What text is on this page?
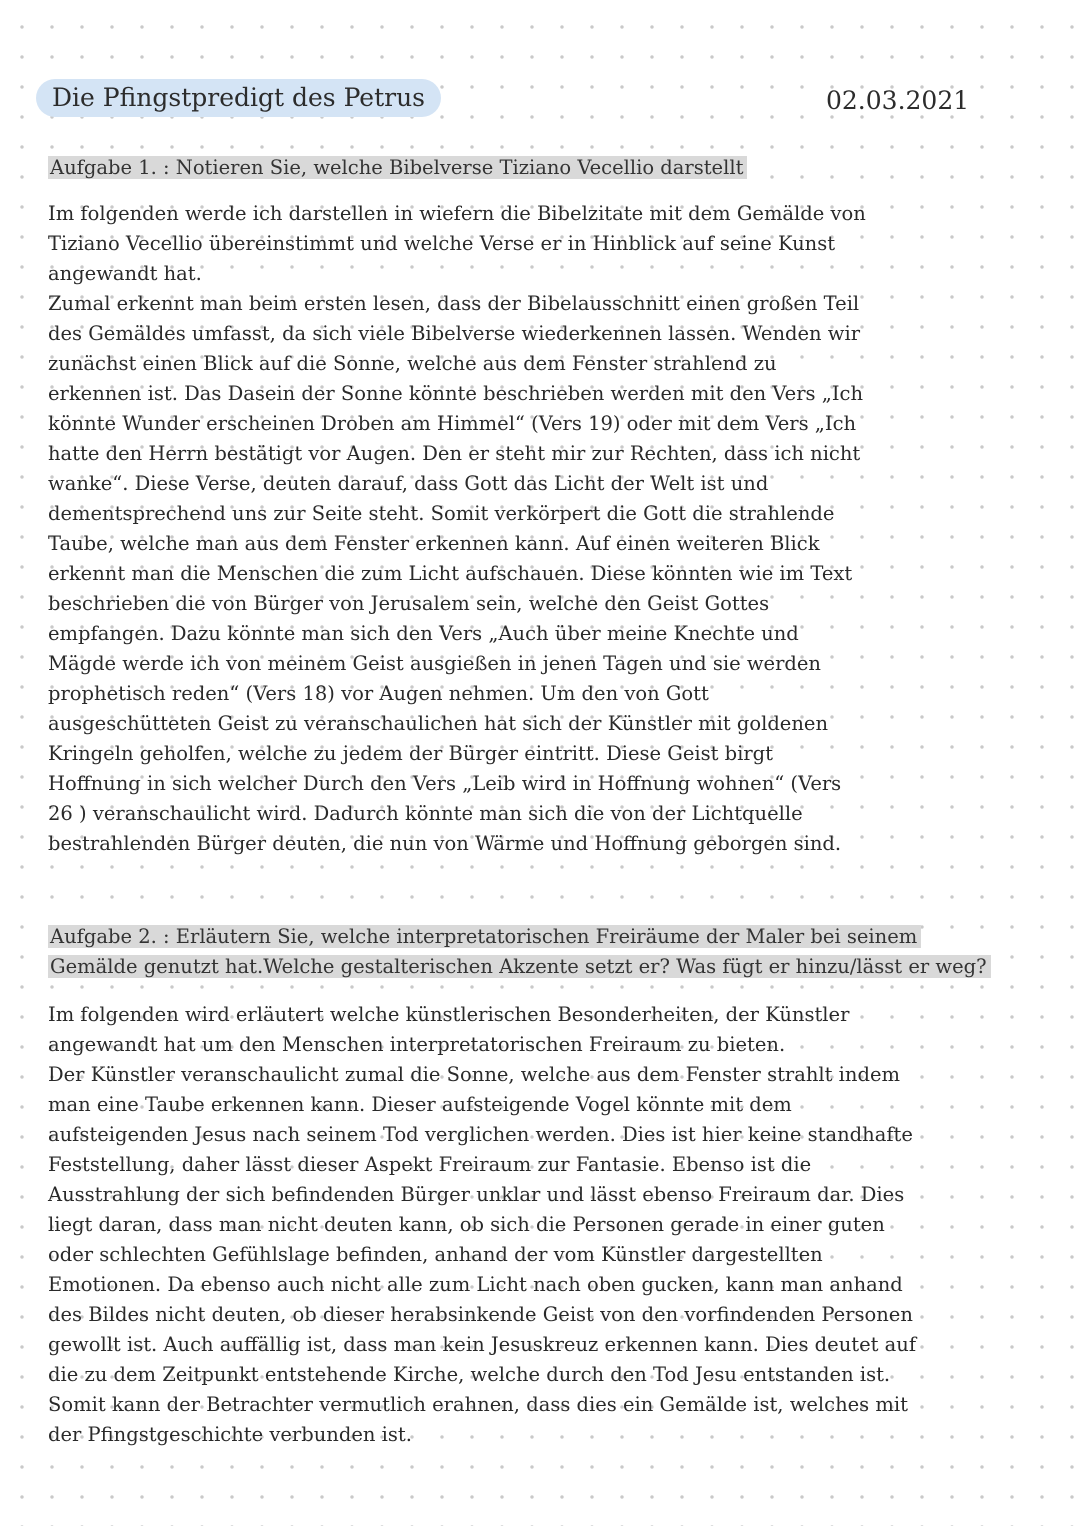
Die Pfingstpredigt des Petrus	02.03.2021
Aufgabe 1. : Notieren Sie, welche Bibelverse Tiziano Vecellio darstellt
Im folgenden werde ich darstellen in wiefern die Bibelzitate mit dem Gemälde von
Tiziano Vecellio übereinstimmt und welche Verse er in Hinblick auf seine Kunst
angewandt hat.
Zumal erkennt man beim ersten lesen, dass der Bibelausschnitt einen großen Teil
des Gemäldes umfasst, da sich viele Bibelverse wiederkennen lassen. Wenden wir
zunächst einen Blick auf die Sonne, welche aus dem Fenster strahlend zu
erkennen ist. Das Dasein der Sonne könnte beschrieben werden mit den Vers „Ich
könnte Wunder erscheinen Droben am Himmel“ (Vers 19) oder mit dem Vers „Ich
hatte den Herrn bestätigt vor Augen. Den er steht mir zur Rechten, dass ich nicht
wanke“. Diese Verse, deuten darauf, dass Gott das Licht der Welt ist und
dementsprechend uns zur Seite steht. Somit verkörpert die Gott die strahlende
Taube, welche man aus dem Fenster erkennen kann. Auf einen weiteren Blick
erkennt man die Menschen die zum Licht aufschauen. Diese könnten wie im Text
beschrieben die von Bürger von Jerusalem sein, welche den Geist Gottes
empfangen. Dazu könnte man sich den Vers „Auch über meine Knechte und
Mägde werde ich von meinem Geist ausgießen in jenen Tagen und sie werden
prophetisch reden“ (Vers 18) vor Augen nehmen. Um den von Gott
ausgeschütteten Geist zu veranschaulichen hat sich der Künstler mit goldenen
Kringeln geholfen, welche zu jedem der Bürger eintritt. Diese Geist birgt
Hoffnung in sich welcher Durch den Vers „Leib wird in Hoffnung wohnen“ (Vers
26 ) veranschaulicht wird. Dadurch könnte man sich die von der Lichtquelle
bestrahlenden Bürger deuten, die nun von Wärme und Hoffnung geborgen sind.
Aufgabe 2. : Erläutern Sie, welche interpretatorischen Freiräume der Maler bei seinem
Gemälde genutzt hat.Welche gestalterischen Akzente setzt er? Was fügt er hinzu/lässt er weg?
Im folgenden wird erläutert welche künstlerischen Besonderheiten, der Künstler
angewandt hat um den Menschen interpretatorischen Freiraum zu bieten.
Der Künstler veranschaulicht zumal die Sonne, welche aus dem Fenster strahlt indem
man eine Taube erkennen kann. Dieser aufsteigende Vogel könnte mit dem
aufsteigenden Jesus nach seinem Tod verglichen werden. Dies ist hier keine standhafte
Feststellung, daher lässt dieser Aspekt Freiraum zur Fantasie. Ebenso ist die
Ausstrahlung der sich befindenden Bürger unklar und lässt ebenso Freiraum dar. Dies
liegt daran, dass man nicht deuten kann, ob sich die Personen gerade in einer guten
oder schlechten Gefühlslage befinden, anhand der vom Künstler dargestellten
Emotionen. Da ebenso auch nicht alle zum Licht nach oben gucken, kann man anhand
des Bildes nicht deuten, ob dieser herabsinkende Geist von den vorfindenden Personen
gewollt ist. Auch auffällig ist, dass man kein Jesuskreuz erkennen kann. Dies deutet auf
die zu dem Zeitpunkt entstehende Kirche, welche durch den Tod Jesu entstanden ist.
Somit kann der Betrachter vermutlich erahnen, dass dies ein Gemälde ist, welches mit
der Pfingstgeschichte verbunden ist.
